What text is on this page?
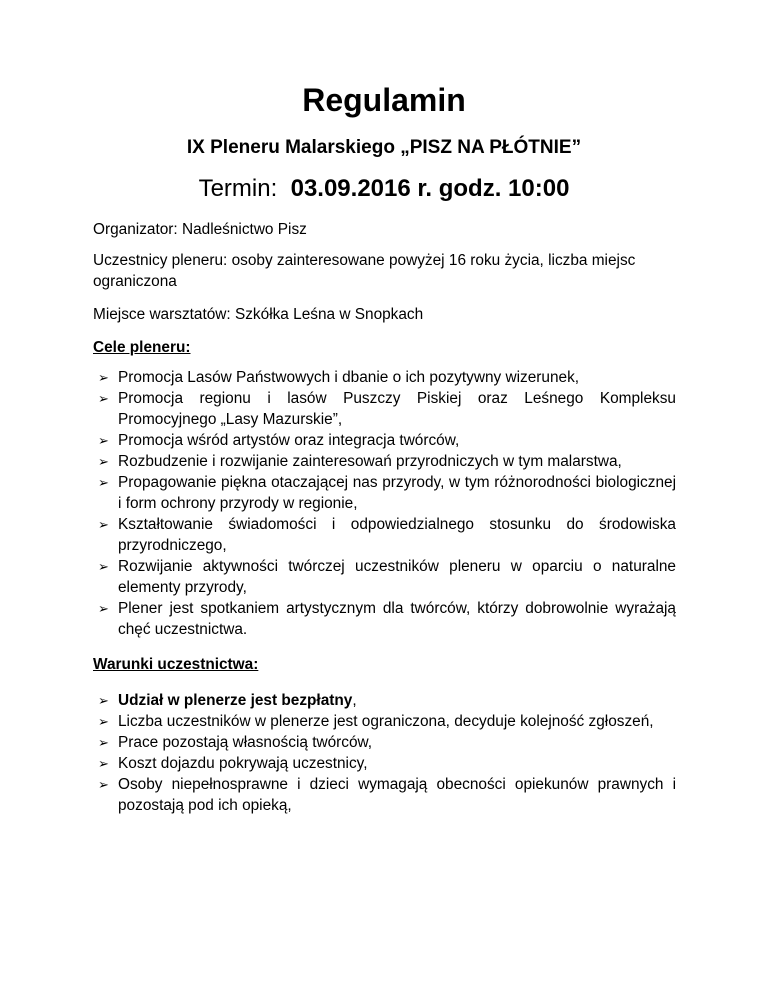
Regulamin
IX Pleneru Malarskiego „PISZ NA PŁÓTNIE”

Termin: 03.09.2016 r. godz. 10:00

Organizator: Nadleśnictwo Pisz

Uczestnicy pleneru: osoby zainteresowane powyżej 16 roku życia, liczba miejsc ograniczona

Miejsce warsztatów: Szkółka Leśna w Snopkach

Cele pleneru:

➢ Promocja Lasów Państwowych i dbanie o ich pozytywny wizerunek,
➢ Promocja regionu i lasów Puszczy Piskiej oraz Leśnego Kompleksu Promocyjnego „Lasy Mazurskie”,
➢ Promocja wśród artystów oraz integracja twórców,
➢ Rozbudzenie i rozwijanie zainteresowań przyrodniczych w tym malarstwa,
➢ Propagowanie piękna otaczającej nas przyrody, w tym różnorodności biologicznej i form ochrony przyrody w regionie,
➢ Kształtowanie świadomości i odpowiedzialnego stosunku do środowiska przyrodniczego,
➢ Rozwijanie aktywności twórczej uczestników pleneru w oparciu o naturalne elementy przyrody,
➢ Plener jest spotkaniem artystycznym dla twórców, którzy dobrowolnie wyrażają chęć uczestnictwa.

Warunki uczestnictwa:

➢ Udział w plenerze jest bezpłatny,
➢ Liczba uczestników w plenerze jest ograniczona, decyduje kolejność zgłoszeń,
➢ Prace pozostają własnością twórców,
➢ Koszt dojazdu pokrywają uczestnicy,
➢ Osoby niepełnosprawne i dzieci wymagają obecności opiekunów prawnych i pozostają pod ich opieką,
